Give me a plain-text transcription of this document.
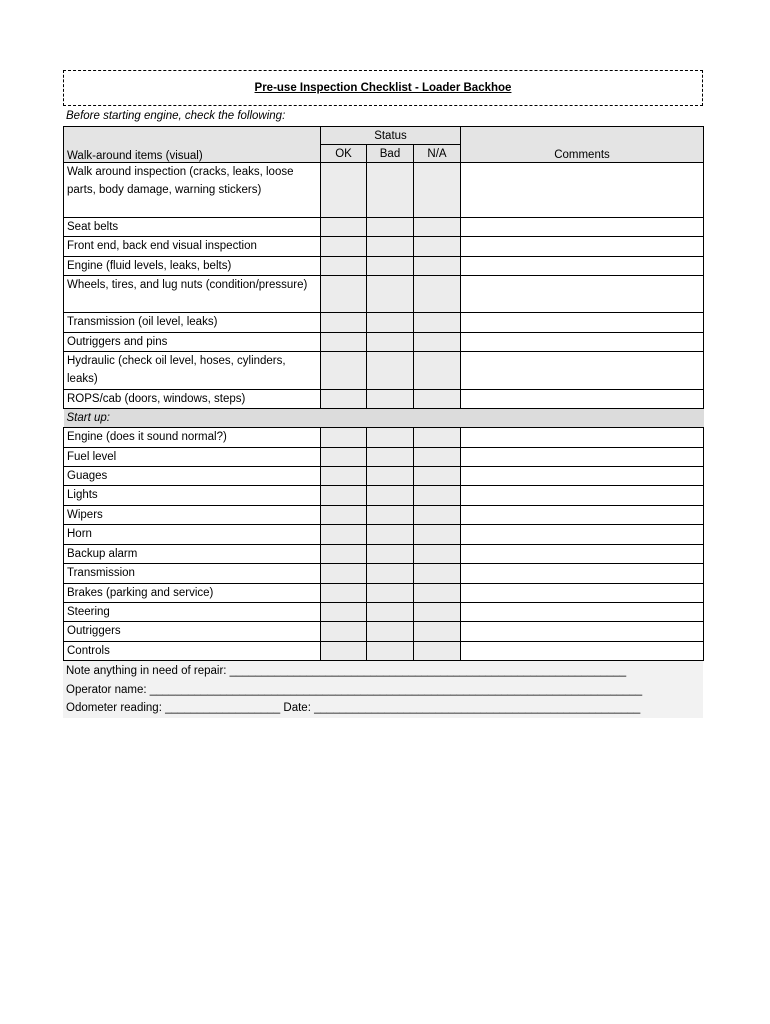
Pre-use Inspection Checklist - Loader Backhoe
Before starting engine, check the following:
Walk-around items (visual)	Status			Comments
	OK	Bad	N/A	
Walk around inspection (cracks, leaks, loose parts, body damage, warning stickers)				
Seat belts				
Front end, back end visual inspection				
Engine (fluid levels, leaks, belts)				
Wheels, tires, and lug nuts (condition/pressure)				
Transmission (oil level, leaks)				
Outriggers and pins				
Hydraulic (check oil level, hoses, cylinders, leaks)				
ROPS/cab (doors, windows, steps)				
Start up:				
Engine (does it sound normal?)				
Fuel level				
Guages				
Lights				
Wipers				
Horn				
Backup alarm				
Transmission				
Brakes (parking and service)				
Steering				
Outriggers				
Controls				
Note anything in need of repair: ______________________________________________________________
Operator name: _____________________________________________________________________________
Odometer reading: __________________ Date: ___________________________________________________
